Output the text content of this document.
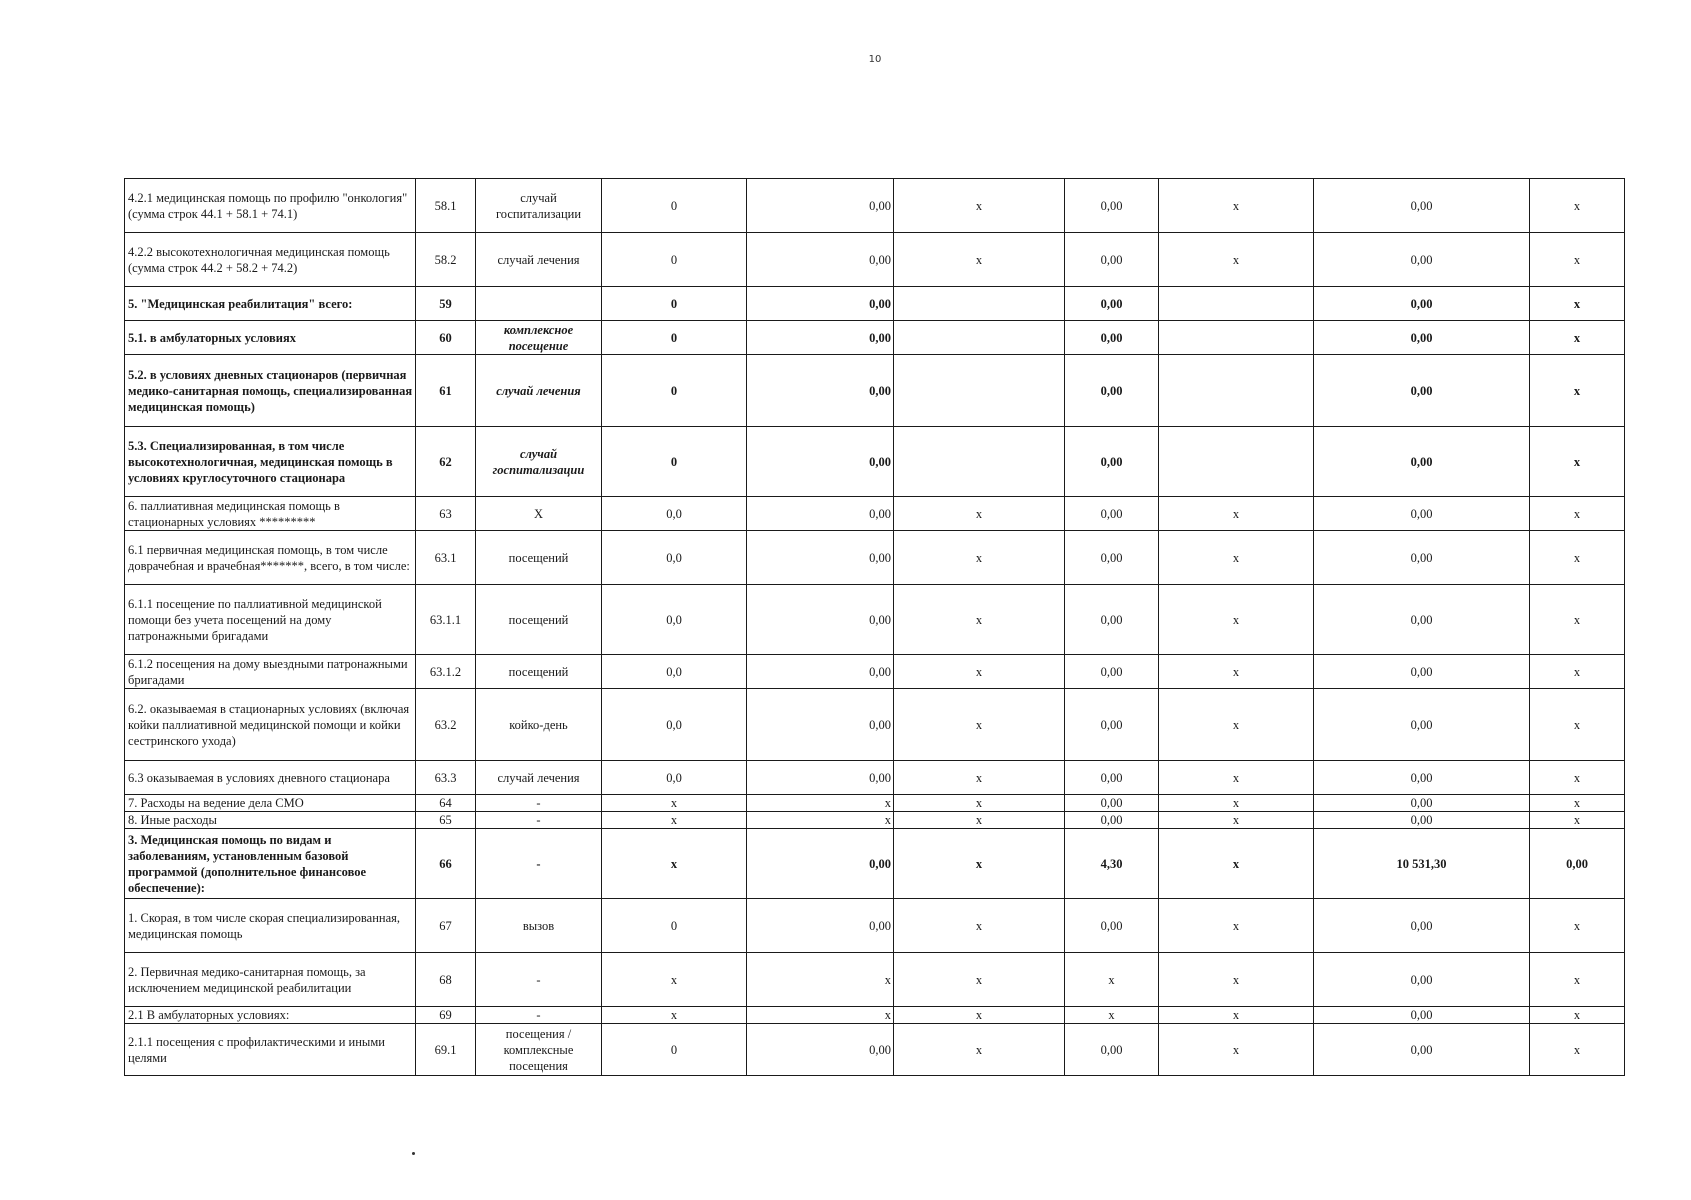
10
4.2.1 медицинская помощь по профилю "онкология" (сумма строк 44.1 + 58.1 + 74.1)	58.1	случай госпитализации	0	0,00	x	0,00	x	0,00	x
4.2.2 высокотехнологичная медицинская помощь (сумма строк 44.2 + 58.2 + 74.2)	58.2	случай лечения	0	0,00	x	0,00	x	0,00	x
5. "Медицинская реабилитация" всего:	59		0	0,00		0,00		0,00	x
5.1. в амбулаторных условиях	60	комплексное посещение	0	0,00		0,00		0,00	x
5.2. в условиях дневных стационаров (первичная медико-санитарная помощь, специализированная медицинская помощь)	61	случай лечения	0	0,00		0,00		0,00	x
5.3. Специализированная, в том числе высокотехнологичная, медицинская помощь в условиях круглосуточного стационара	62	случай госпитализации	0	0,00		0,00		0,00	x
6. паллиативная медицинская помощь в стационарных условиях *********	63	X	0,0	0,00	x	0,00	x	0,00	x
6.1 первичная медицинская помощь, в том числе доврачебная и врачебная*******, всего, в том числе:	63.1	посещений	0,0	0,00	x	0,00	x	0,00	x
6.1.1 посещение по паллиативной медицинской помощи без учета посещений на дому патронажными бригадами	63.1.1	посещений	0,0	0,00	x	0,00	x	0,00	x
6.1.2 посещения на дому выездными патронажными бригадами	63.1.2	посещений	0,0	0,00	x	0,00	x	0,00	x
6.2. оказываемая в стационарных условиях (включая койки паллиативной медицинской помощи и койки сестринского ухода)	63.2	койко-день	0,0	0,00	x	0,00	x	0,00	x
6.3 оказываемая в условиях дневного стационара	63.3	случай лечения	0,0	0,00	x	0,00	x	0,00	x
7. Расходы на ведение дела СМО	64	-	x	x	x	0,00	x	0,00	x
8. Иные расходы	65	-	x	x	x	0,00	x	0,00	x
3. Медицинская помощь по видам и заболеваниям, установленным базовой программой (дополнительное финансовое обеспечение):	66	-	x	0,00	x	4,30	x	10 531,30	0,00
1. Скорая, в том числе скорая специализированная, медицинская помощь	67	вызов	0	0,00	x	0,00	x	0,00	x
2. Первичная медико-санитарная помощь, за исключением медицинской реабилитации	68	-	x	x	x	x	x	0,00	x
2.1 В амбулаторных условиях:	69	-	x	x	x	x	x	0,00	x
2.1.1 посещения с профилактическими и иными целями	69.1	посещения / комплексные посещения	0	0,00	x	0,00	x	0,00	x
